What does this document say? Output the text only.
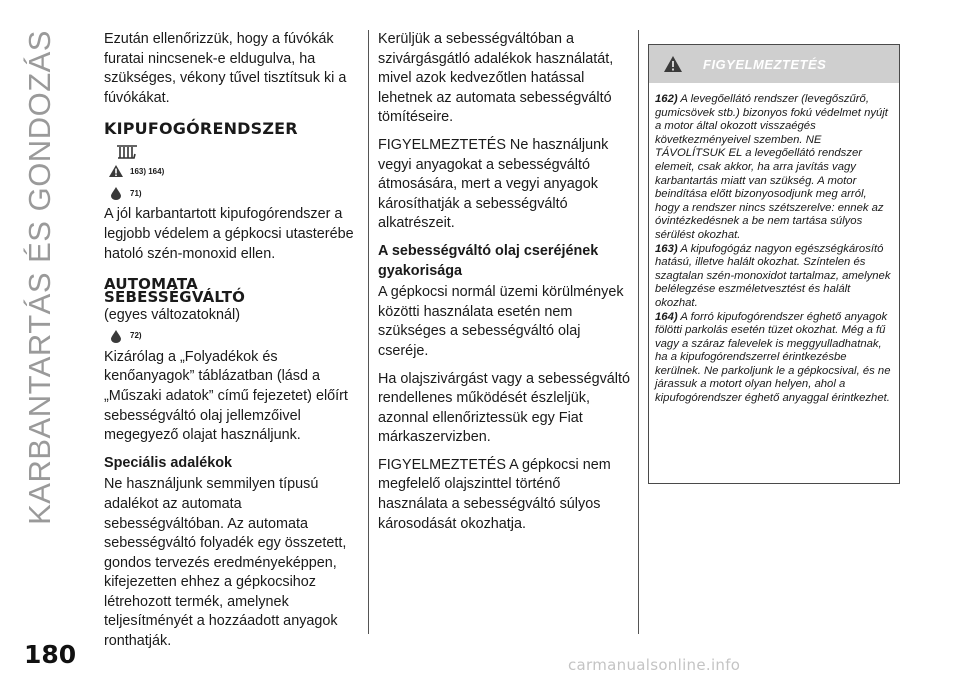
KARBANTARTÁS ÉS GONDOZÁS	Ezután ellenőrizzük, hogy a fúvókák furatai nincsenek-e eldugulva, ha szükséges, vékony tűvel tisztítsuk ki a fúvókákat.

KIPUFOGÓRENDSZER
163) 164)
71)

A jól karbantartott kipufogórendszer a legjobb védelem a gépkocsi utasterébe hatoló szén-monoxid ellen.

AUTOMATA
SEBESSÉGVÁLTÓ
(egyes változatoknál)
72)

Kizárólag a „Folyadékok és kenőanyagok” táblázatban (lásd a „Műszaki adatok” című fejezetet) előírt sebességváltó olaj jellemzőivel megegyező olajat használjunk.

Speciális adalékok

Ne használjunk semmilyen típusú adalékot az automata sebességváltóban. Az automata sebességváltó folyadék egy összetett, gondos tervezés eredményeképpen, kifejezetten ehhez a gépkocsihoz létrehozott termék, amelynek teljesítményét a hozzáadott anyagok ronthatják.

Kerüljük a sebességváltóban a szivárgásgátló adalékok használatát, mivel azok kedvezőtlen hatással lehetnek az automata sebességváltó tömítéseire.

FIGYELMEZTETÉS Ne használjunk vegyi anyagokat a sebességváltó átmosására, mert a vegyi anyagok károsíthatják a sebességváltó alkatrészeit.

A sebességváltó olaj cseréjének gyakorisága

A gépkocsi normál üzemi körülmények közötti használata esetén nem szükséges a sebességváltó olaj cseréje.

Ha olajszivárgást vagy a sebességváltó rendellenes működését észleljük, azonnal ellenőriztessük egy Fiat márkaszervizben.

FIGYELMEZTETÉS A gépkocsi nem megfelelő olajszinttel történő használata a sebességváltó súlyos károsodását okozhatja.

FIGYELMEZTETÉS

162) A levegőellátó rendszer (levegőszűrő, gumicsövek stb.) bizonyos fokú védelmet nyújt a motor által okozott visszaégés következményeivel szemben. NE TÁVOLÍTSUK EL a levegőellátó rendszer elemeit, csak akkor, ha arra javítás vagy karbantartás miatt van szükség. A motor beindítása előtt bizonyosodjunk meg arról, hogy a rendszer nincs szétszerelve: ennek az óvintézkedésnek a be nem tartása súlyos sérülést okozhat.

163) A kipufogógáz nagyon egészségkárosító hatású, illetve halált okozhat. Színtelen és szagtalan szén-monoxidot tartalmaz, amelynek belélegzése eszméletvesztést és halált okozhat.

164) A forró kipufogórendszer éghető anyagok fölötti parkolás esetén tüzet okozhat. Még a fű vagy a száraz falevelek is meggyulladhatnak, ha a kipufogórendszerrel érintkezésbe kerülnek. Ne parkoljunk le a gépkocsival, és ne járassuk a motort olyan helyen, ahol a kipufogórendszer éghető anyaggal érintkezhet.

180	carmanualsonline.info
